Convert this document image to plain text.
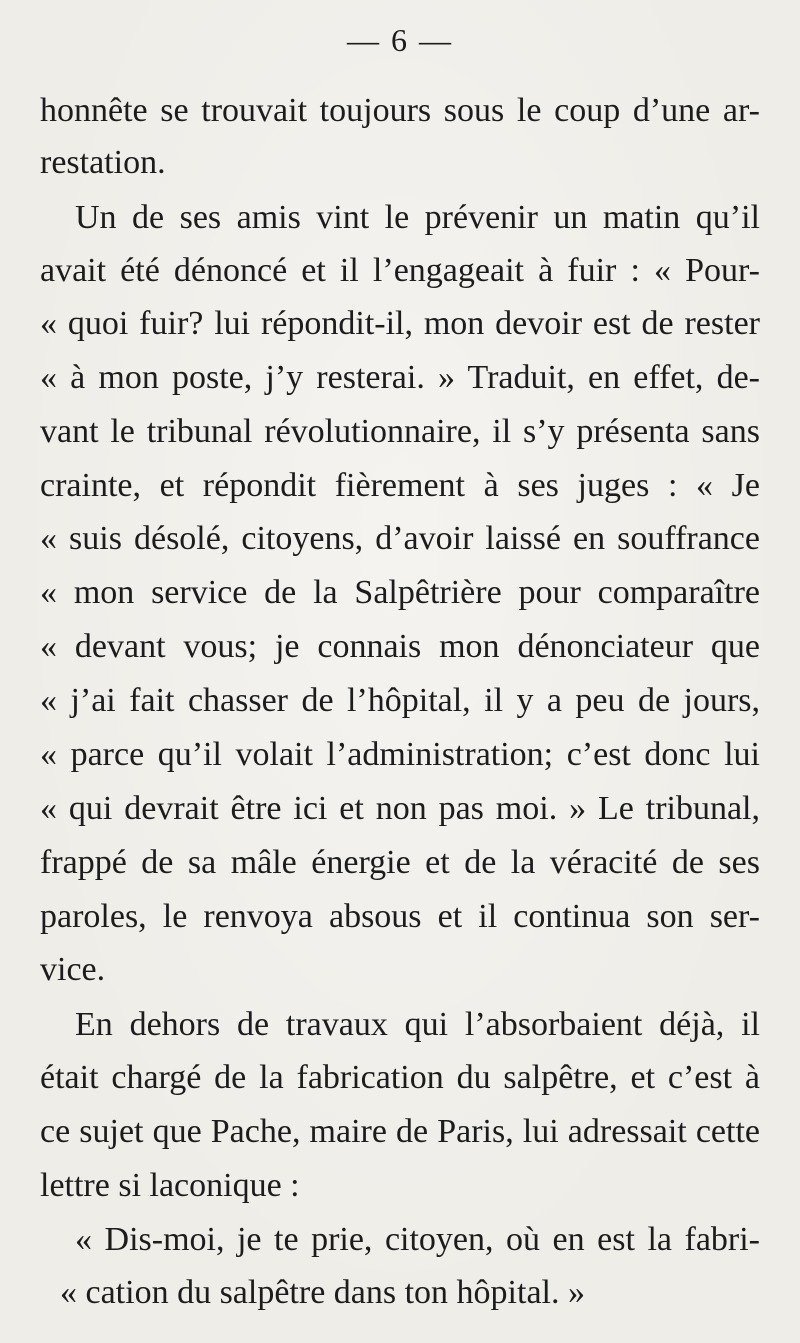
— 6 —
honnête se trouvait toujours sous le coup d’une ar-
restation.
Un de ses amis vint le prévenir un matin qu’il
avait été dénoncé et il l’engageait à fuir : « Pour-
« quoi fuir? lui répondit-il, mon devoir est de rester
« à mon poste, j’y resterai. » Traduit, en effet, de-
vant le tribunal révolutionnaire, il s’y présenta sans
crainte, et répondit fièrement à ses juges : « Je
« suis désolé, citoyens, d’avoir laissé en souffrance
« mon service de la Salpêtrière pour comparaître
« devant vous; je connais mon dénonciateur que
« j’ai fait chasser de l’hôpital, il y a peu de jours,
« parce qu’il volait l’administration; c’est donc lui
« qui devrait être ici et non pas moi. » Le tribunal,
frappé de sa mâle énergie et de la véracité de ses
paroles, le renvoya absous et il continua son ser-
vice.
En dehors de travaux qui l’absorbaient déjà, il
était chargé de la fabrication du salpêtre, et c’est à
ce sujet que Pache, maire de Paris, lui adressait cette
lettre si laconique :
« Dis-moi, je te prie, citoyen, où en est la fabri-
« cation du salpêtre dans ton hôpital. »
